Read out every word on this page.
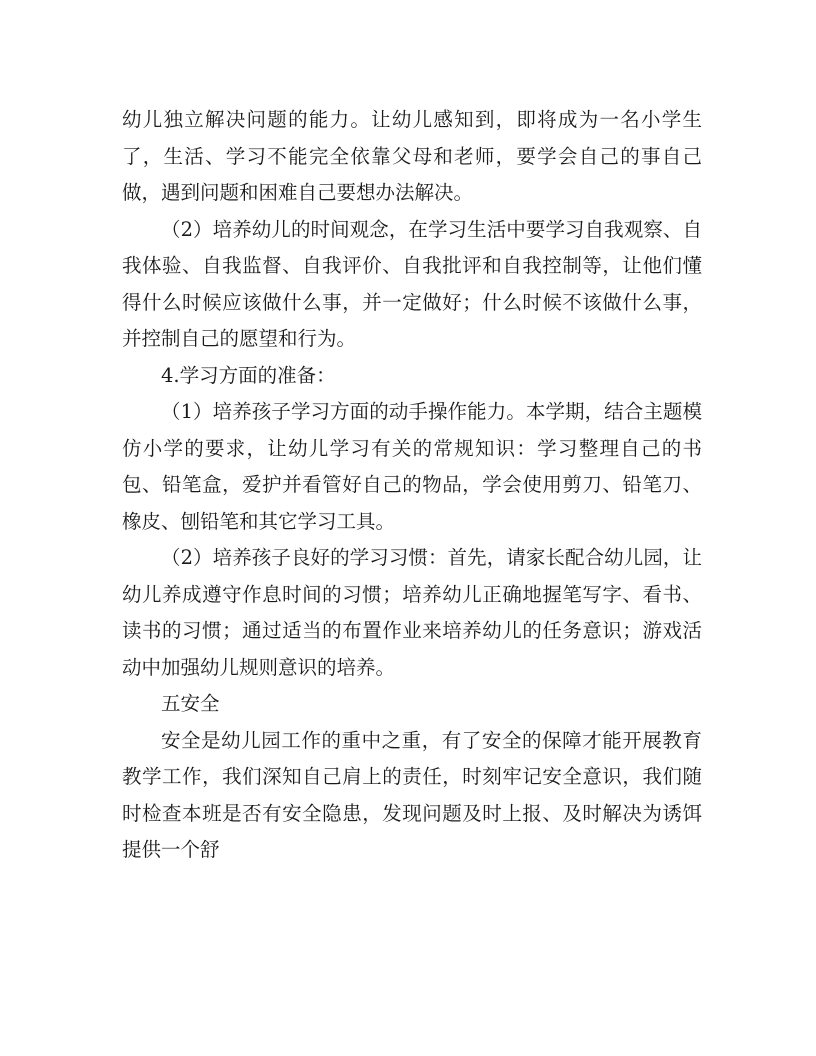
幼儿独立解决问题的能力。让幼儿感知到，即将成为一名小学生了，生活、学习不能完全依靠父母和老师，要学会自己的事自己做，遇到问题和困难自己要想办法解决。

（2）培养幼儿的时间观念，在学习生活中要学习自我观察、自我体验、自我监督、自我评价、自我批评和自我控制等，让他们懂得什么时候应该做什么事，并一定做好；什么时候不该做什么事，并控制自己的愿望和行为。

4.学习方面的准备：

（1）培养孩子学习方面的动手操作能力。本学期，结合主题模仿小学的要求，让幼儿学习有关的常规知识：学习整理自己的书包、铅笔盒，爱护并看管好自己的物品，学会使用剪刀、铅笔刀、橡皮、刨铅笔和其它学习工具。

（2）培养孩子良好的学习习惯：首先，请家长配合幼儿园，让幼儿养成遵守作息时间的习惯；培养幼儿正确地握笔写字、看书、读书的习惯；通过适当的布置作业来培养幼儿的任务意识；游戏活动中加强幼儿规则意识的培养。

五安全

安全是幼儿园工作的重中之重，有了安全的保障才能开展教育教学工作，我们深知自己肩上的责任，时刻牢记安全意识，我们随时检查本班是否有安全隐患，发现问题及时上报、及时解决为诱饵提供一个舒
